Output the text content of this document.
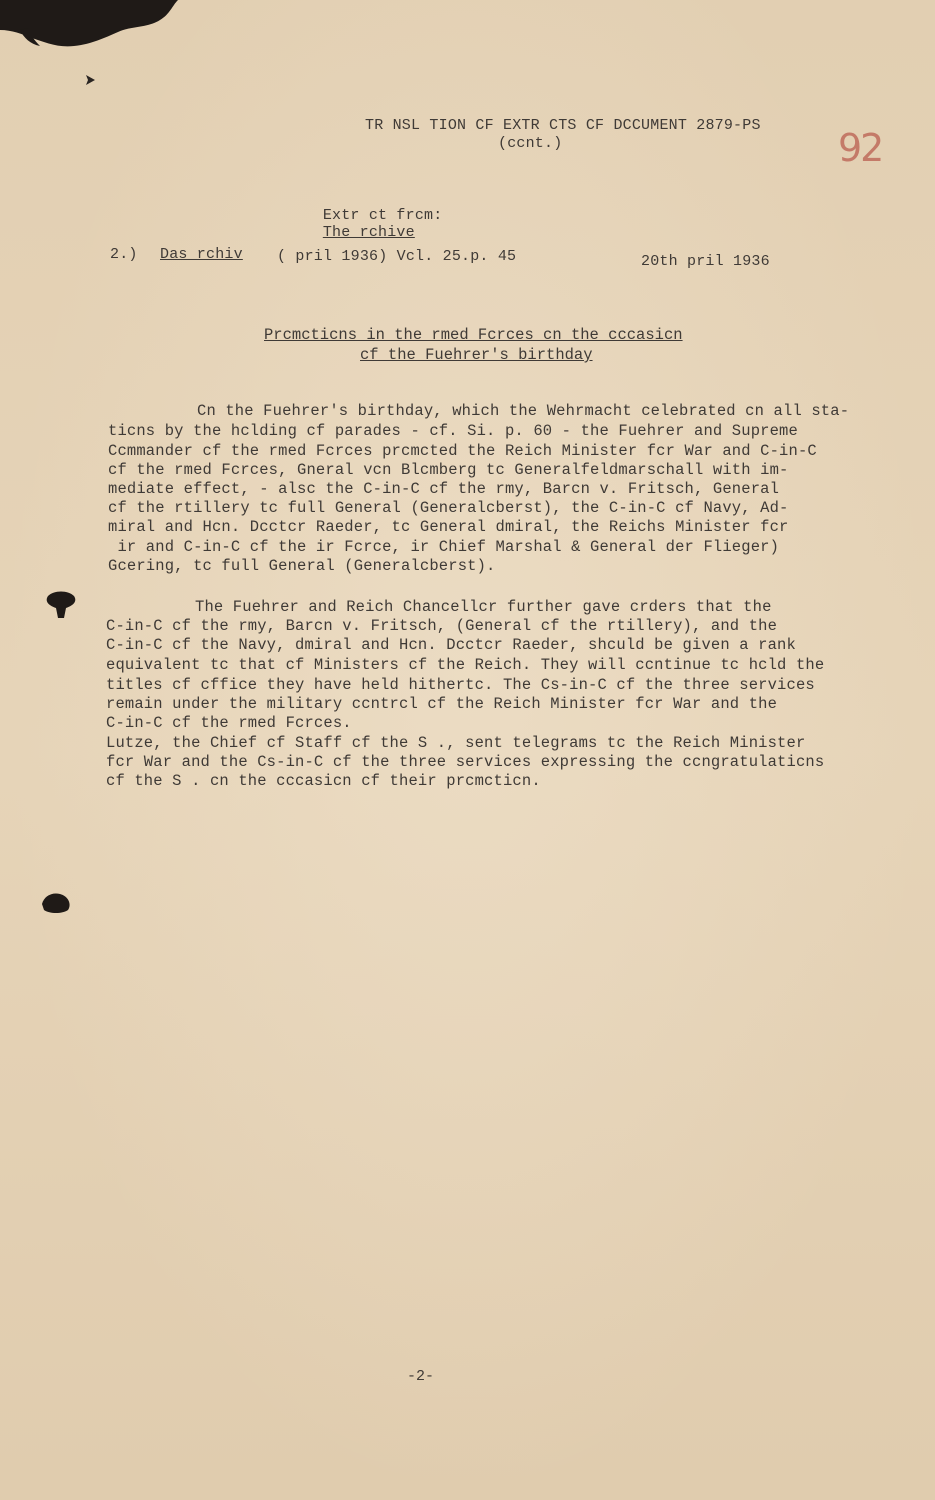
TR NSL TION CF EXTR CTS CF DCCUMENT 2879-PS
(ccnt.)	92

Extr ct frcm:
The rchive

2.) Das rchiv ( pril 1936) Vcl. 25.p. 45	20th pril 1936
Prcmcticns in the rmed Fcrces cn the cccasicn
cf the Fuehrer's birthday
Cn the Fuehrer's birthday, which the Wehrmacht celebrated cn all sta-
ticns by the hclding cf parades - cf. Si. p. 60 - the Fuehrer and Supreme
Ccmmander cf the rmed Fcrces prcmcted the Reich Minister fcr War and C-in-C
cf the rmed Fcrces, Gneral vcn Blcmberg tc Generalfeldmarschall with im-
mediate effect, - alsc the C-in-C cf the rmy, Barcn v. Fritsch, General
cf the rtillery tc full General (Generalcberst), the C-in-C cf Navy, Ad-
miral and Hcn. Dcctcr Raeder, tc General dmiral, the Reichs Minister fcr
ir and C-in-C cf the ir Fcrce, ir Chief Marshal & General der Flieger)
Gcering, tc full General (Generalcberst).
The Fuehrer and Reich Chancellcr further gave crders that the
C-in-C cf the rmy, Barcn v. Fritsch, (General cf the rtillery), and the
C-in-C cf the Navy, dmiral and Hcn. Dcctcr Raeder, shculd be given a rank
equivalent tc that cf Ministers cf the Reich. They will ccntinue tc hcld the
titles cf cffice they have held hithertc. The Cs-in-C cf the three services
remain under the military ccntrcl cf the Reich Minister fcr War and the
C-in-C cf the rmed Fcrces.
Lutze, the Chief cf Staff cf the S ., sent telegrams tc the Reich Minister
fcr War and the Cs-in-C cf the three services expressing the ccngratulaticns
cf the S . cn the cccasicn cf their prcmcticn.
-2-
